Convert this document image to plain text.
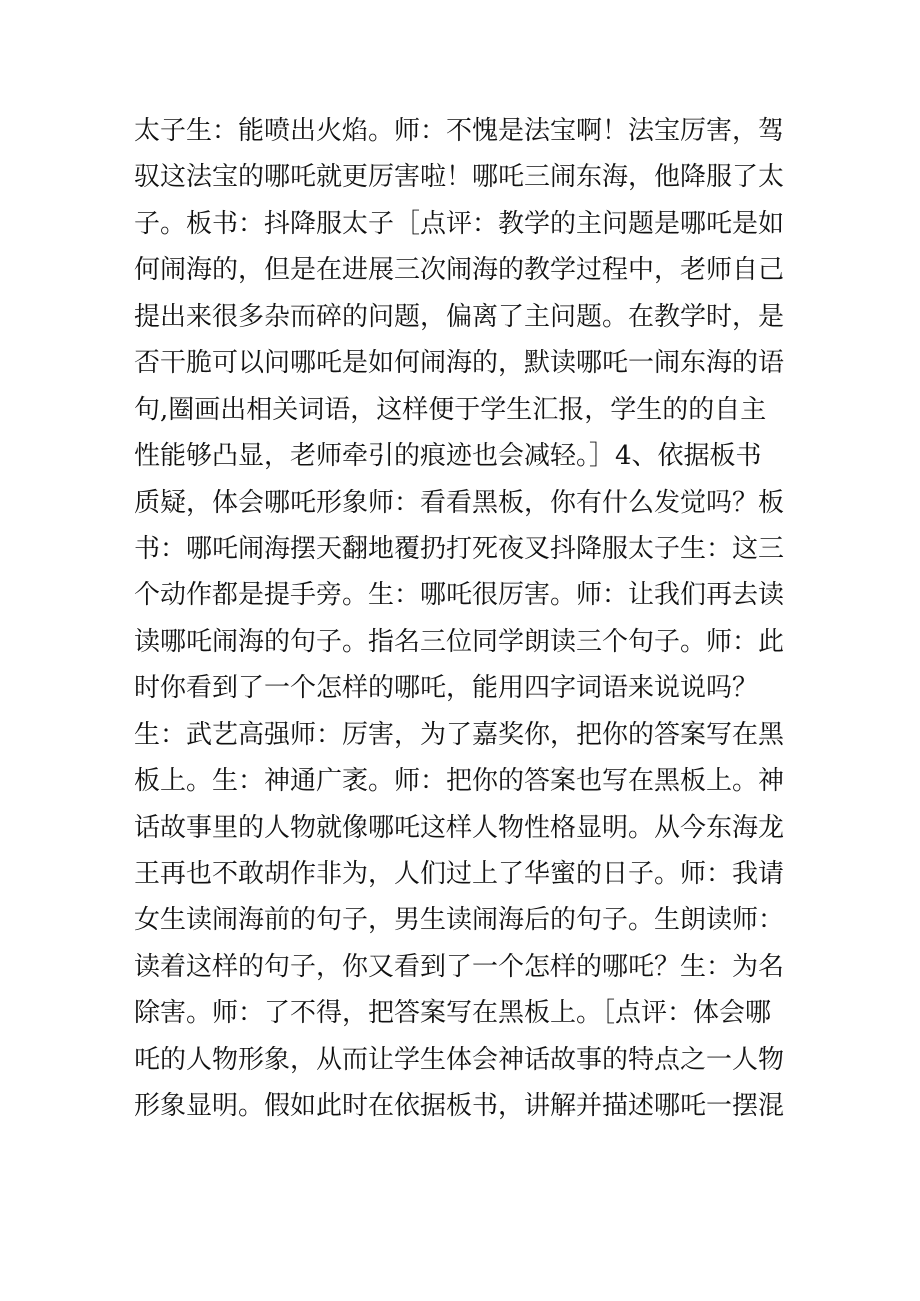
太子生：能喷出火焰。师：不愧是法宝啊！法宝厉害，驾
驭这法宝的哪吒就更厉害啦！哪吒三闹东海，他降服了太
子。板书：抖降服太子［点评：教学的主问题是哪吒是如
何闹海的，但是在进展三次闹海的教学过程中，老师自己
提出来很多杂而碎的问题，偏离了主问题。在教学时，是
否干脆可以问哪吒是如何闹海的，默读哪吒一闹东海的语
句,圈画出相关词语，这样便于学生汇报，学生的的自主
性能够凸显，老师牵引的痕迹也会减轻。］4、依据板书
质疑，体会哪吒形象师：看看黑板，你有什么发觉吗？板
书：哪吒闹海摆天翻地覆扔打死夜叉抖降服太子生：这三
个动作都是提手旁。生：哪吒很厉害。师：让我们再去读
读哪吒闹海的句子。指名三位同学朗读三个句子。师：此
时你看到了一个怎样的哪吒，能用四字词语来说说吗？
生：武艺高强师：厉害，为了嘉奖你，把你的答案写在黑
板上。生：神通广袤。师：把你的答案也写在黑板上。神
话故事里的人物就像哪吒这样人物性格显明。从今东海龙
王再也不敢胡作非为，人们过上了华蜜的日子。师：我请
女生读闹海前的句子，男生读闹海后的句子。生朗读师：
读着这样的句子，你又看到了一个怎样的哪吒？生：为名
除害。师：了不得，把答案写在黑板上。［点评：体会哪
吒的人物形象，从而让学生体会神话故事的特点之一人物
形象显明。假如此时在依据板书，讲解并描述哪吒一摆混
